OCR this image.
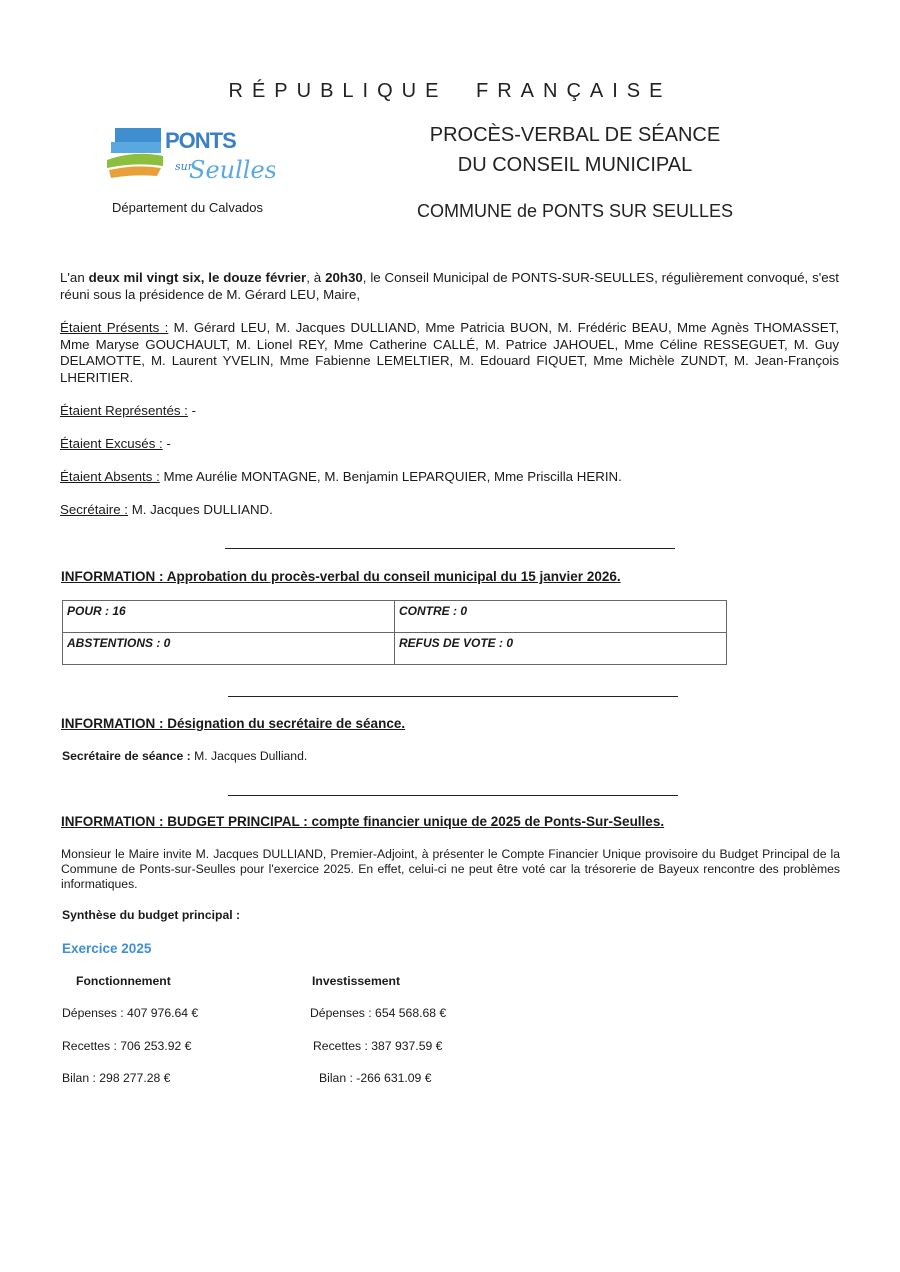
RÉPUBLIQUE FRANÇAISE
PONTS
sur
Seulles
Département du Calvados
PROCÈS-VERBAL DE SÉANCE
DU CONSEIL MUNICIPAL
COMMUNE de PONTS SUR SEULLES
L'an deux mil vingt six, le douze février, à 20h30, le Conseil Municipal de PONTS-SUR-SEULLES, régulièrement convoqué, s'est réuni sous la présidence de M. Gérard LEU, Maire,
Étaient Présents : M. Gérard LEU, M. Jacques DULLIAND, Mme Patricia BUON, M. Frédéric BEAU, Mme Agnès THOMASSET, Mme Maryse GOUCHAULT, M. Lionel REY, Mme Catherine CALLÉ, M. Patrice JAHOUEL, Mme Céline RESSEGUET, M. Guy DELAMOTTE, M. Laurent YVELIN, Mme Fabienne LEMELTIER, M. Edouard FIQUET, Mme Michèle ZUNDT, M. Jean-François LHERITIER.
Étaient Représentés : -
Étaient Excusés : -
Étaient Absents : Mme Aurélie MONTAGNE, M. Benjamin LEPARQUIER, Mme Priscilla HERIN.
Secrétaire : M. Jacques DULLIAND.
INFORMATION : Approbation du procès-verbal du conseil municipal du 15 janvier 2026.
POUR : 16	CONTRE : 0
ABSTENTIONS : 0	REFUS DE VOTE : 0
INFORMATION : Désignation du secrétaire de séance.
Secrétaire de séance : M. Jacques Dulliand.
INFORMATION : BUDGET PRINCIPAL : compte financier unique de 2025 de Ponts-Sur-Seulles.
Monsieur le Maire invite M. Jacques DULLIAND, Premier-Adjoint, à présenter le Compte Financier Unique provisoire du Budget Principal de la Commune de Ponts-sur-Seulles pour l'exercice 2025. En effet, celui-ci ne peut être voté car la trésorerie de Bayeux rencontre des problèmes informatiques.
Synthèse du budget principal :
Exercice 2025
Fonctionnement	Investissement
Dépenses : 407 976.64 €	Dépenses : 654 568.68 €
Recettes : 706 253.92 €	Recettes : 387 937.59 €
Bilan : 298 277.28 €	Bilan : -266 631.09 €
